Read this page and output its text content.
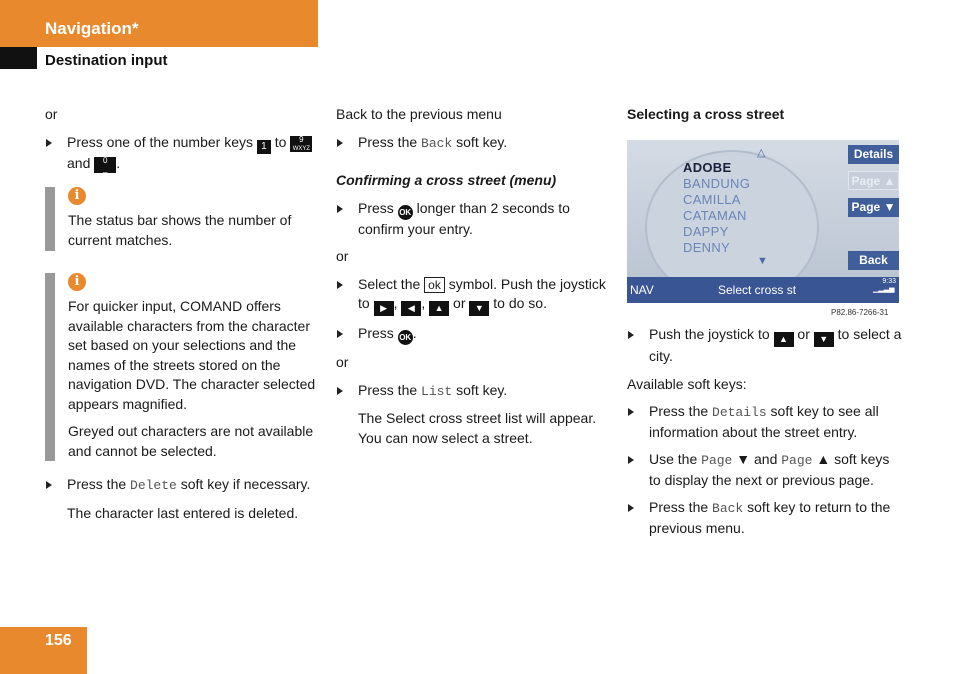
Navigation*
Destination input

or

Press one of the number keys 1 to 9
WXYZ and 0
_ .
i
The status bar shows the number of current matches.
i
For quicker input, COMAND offers available characters from the character set based on your selections and the names of the streets stored on the navigation DVD. The character selected appears magnified.
Greyed out characters are not available and cannot be selected.
Press the Delete soft key if necessary.
The character last entered is deleted.

Back to the previous menu

Press the Back soft key.

Confirming a cross street (menu)

Press OK longer than 2 seconds to confirm your entry.

or

Select the ok symbol. Push the joystick to ▶ , ◀ , ▲ or ▼ to do so.
Press OK .

or

Press the List soft key.
The Select cross street list will appear. You can now select a street.

Selecting a cross street

△
ADOBE
BANDUNG
CAMILLA
CATAMAN
DAPPY
DENNY
▼
Details
Page ▲
Page ▼
Back
NAV	Select cross st	▁▂▃▅
9:33
P82.86-7266-31
Push the joystick to ▲ or ▼ to select a city.

Available soft keys:

Press the Details soft key to see all information about the street entry.
Use the Page ▼ and Page ▲ soft keys to display the next or previous page.
Press the Back soft key to return to the previous menu.
156
